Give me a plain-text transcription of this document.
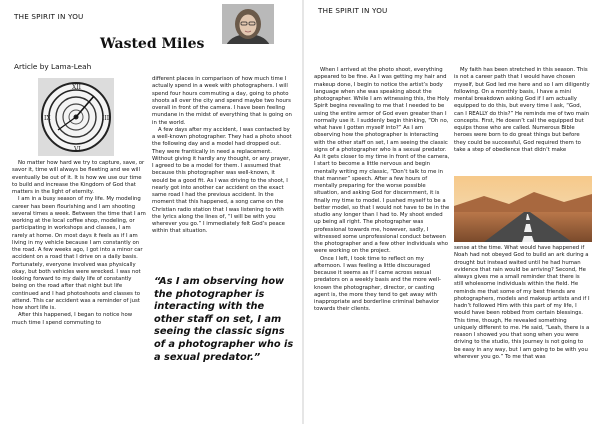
THE SPIRIT IN YOU
Wasted Miles
Article by Lama-Leah
XII
III
VI
IX

No matter how hard we try to capture, save, or savor it, time will always be fleeting and we will eventually be out of it. It is how we use our time to build and increase the Kingdom of God that matters in the light of eternity.

I am in a busy season of my life. My modeling career has been flourishing and I am shooting several times a week. Between the time that I am working at the local coffee shop, modeling, or participating in workshops and classes, I am rarely at home. On most days it feels as if I am living in my vehicle because I am constantly on the road. A few weeks ago, I got into a minor car accident on a road that I drive on a daily basis. Fortunately, everyone involved was physically okay, but both vehicles were wrecked. I was not looking forward to my daily life of constantly being on the road after that night but life continued and I had photoshoots and classes to attend. This car accident was a reminder of just how short life is.

After this happened, I began to notice how much time I spend commuting to

different places in comparison of how much time I actually spend in a week with photographers. I will spend four hours commuting a day, going to photo shoots all over the city and spend maybe two hours overall in front of the camera. I have been feeling mundane in the midst of everything that is going on in the world.

A few days after my accident, I was contacted by a well-known photographer. They had a photo shoot the following day and a model had dropped out. They were frantically in need a replacement. Without giving it hardly any thought, or any prayer, I agreed to be a model for them. I assumed that because this photographer was well-known, it would be a good fit. As I was driving to the shoot, I nearly got into another car accident on the exact same road I had the previous accident. In the moment that this happened, a song came on the Christian radio station that I was listening to with the lyrics along the lines of, “I will be with you wherever you go.” I immediately felt God’s peace within that situation.

“As I am observing how the photographer is interacting with the other staff on set, I am seeing the classic signs of a photographer who is a sexual predator.”
THE SPIRIT IN YOU

When I arrived at the photo shoot, everything appeared to be fine. As I was getting my hair and makeup done, I begin to notice the artist’s body language when she was speaking about the photographer. While I am witnessing this, the Holy Spirit begins revealing to me that I needed to be using the entire armor of God even greater than I normally use it. I suddenly begin thinking, “Oh no, what have I gotten myself into?” As I am observing how the photographer is interacting with the other staff on set, I am seeing the classic signs of a photographer who is a sexual predator. As it gets closer to my time in front of the camera, I start to become a little nervous and begin mentally writing my classic, “Don’t talk to me in that manner” speech. After a few hours of mentally preparing for the worse possible situation, and asking God for discernment, it is finally my time to model. I pushed myself to be a better model, so that I would not have to be in the studio any longer than I had to. My shoot ended up being all right. The photographer was professional towards me, however, sadly, I witnessed some unprofessional conduct between the photographer and a few other individuals who were working on the project.

Once I left, I took time to reflect on my afternoon. I was feeling a little discouraged because it seems as if I came across sexual predators on a weekly basis and the more well-known the photographer, director, or casting agent is, the more they tend to get away with inappropriate and borderline criminal behavior towards their clients.

My faith has been stretched in this season. This is not a career path that I would have chosen myself, but God led me here and so I am diligently following. On a monthly basis, I have a mini mental breakdown asking God if I am actually equipped to do this, but every time I ask, “God, can I REALLY do this?” He reminds me of two main concepts. First, He doesn’t call the equipped but equips those who are called. Numerous Bible heroes were born to do great things but before they could be successful, God required them to take a step of obedience that didn’t make

sense at the time. What would have happened if Noah had not obeyed God to build an ark during a drought but instead waited until he had human evidence that rain would be arriving? Second, He always gives me a small reminder that there is still wholesome individuals within the field. He reminds me that some of my best friends are photographers, models and makeup artists and if I hadn’t followed Him with this part of my life, I would have been robbed from certain blessings. This time, though, He revealed something uniquely different to me. He said, “Leah, there is a reason I showed you that song when you were driving to the studio, this journey is not going to be easy in any way, but I am going to be with you wherever you go.” To me that was
